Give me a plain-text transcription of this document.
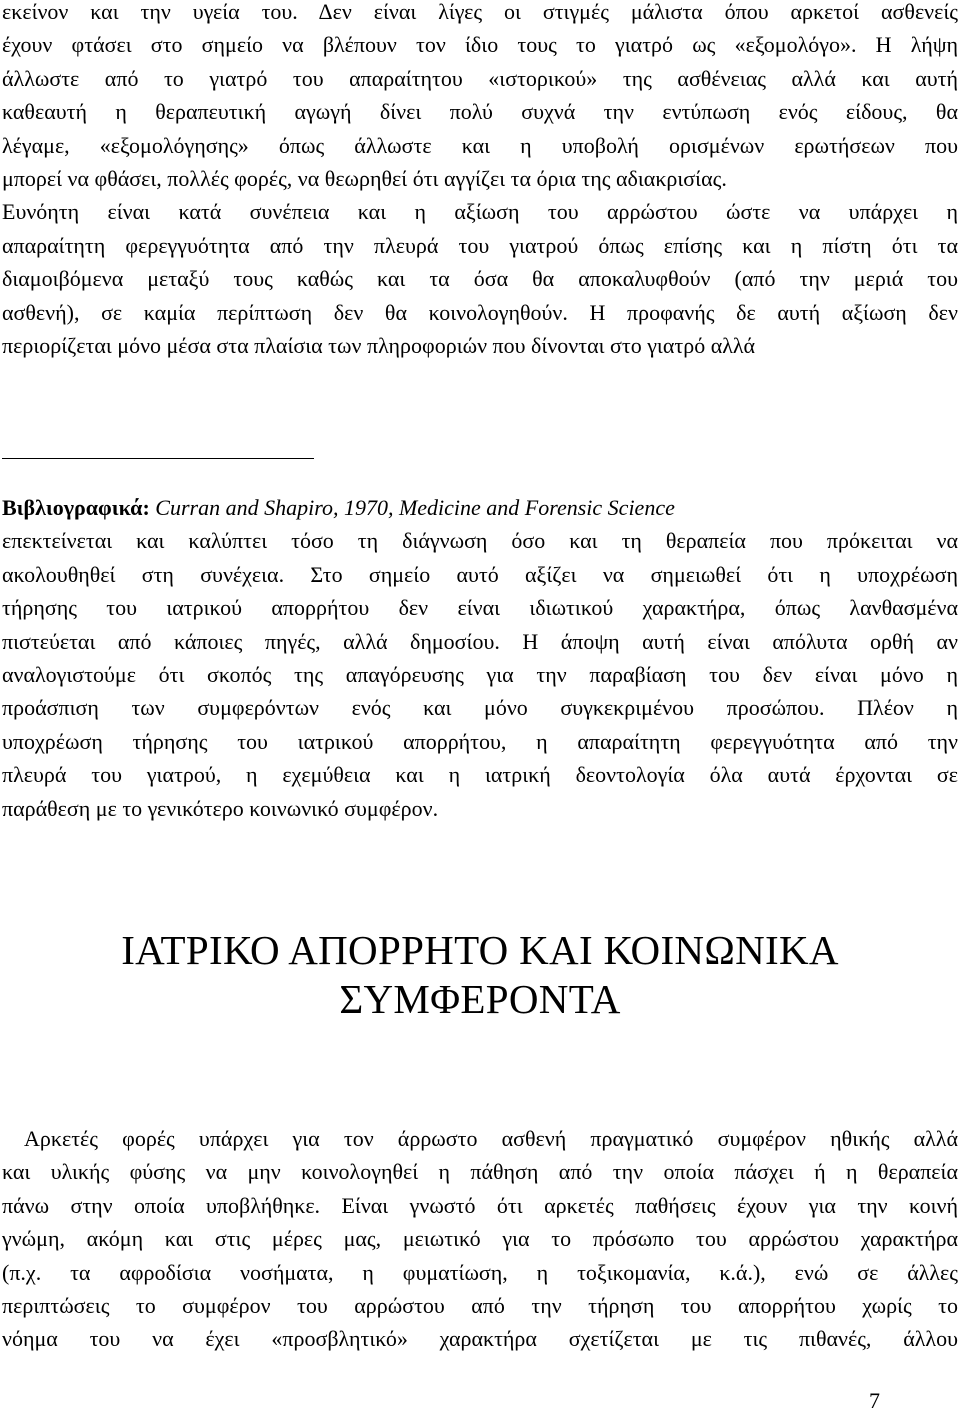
εκείνον και την υγεία του. Δεν είναι λίγες οι στιγμές μάλιστα όπου αρκετοί ασθενείς
έχουν φτάσει στο σημείο να βλέπουν τον ίδιο τους το γιατρό ως «εξομολόγο». Η λήψη
άλλωστε από το γιατρό του απαραίτητου «ιστορικού» της ασθένειας αλλά και αυτή
καθεαυτή η θεραπευτική αγωγή δίνει πολύ συχνά την εντύπωση ενός είδους, θα
λέγαμε, «εξομολόγησης» όπως άλλωστε και η υποβολή ορισμένων ερωτήσεων που
μπορεί να φθάσει, πολλές φορές, να θεωρηθεί ότι αγγίζει τα όρια της αδιακρισίας.
Ευνόητη είναι κατά συνέπεια και η αξίωση του αρρώστου ώστε να υπάρχει η
απαραίτητη φερεγγυότητα από την πλευρά του γιατρού όπως επίσης και η πίστη ότι τα
διαμοιβόμενα μεταξύ τους καθώς και τα όσα θα αποκαλυφθούν (από την μεριά του
ασθενή), σε καμία περίπτωση δεν θα κοινολογηθούν. Η προφανής δε αυτή αξίωση δεν
περιορίζεται μόνο μέσα στα πλαίσια των πληροφοριών που δίνονται στο γιατρό αλλά
Βιβλιογραφικά: Curran and Shapiro, 1970, Medicine and Forensic Science
επεκτείνεται και καλύπτει τόσο τη διάγνωση όσο και τη θεραπεία που πρόκειται να
ακολουθηθεί στη συνέχεια. Στο σημείο αυτό αξίζει να σημειωθεί ότι η υποχρέωση
τήρησης του ιατρικού απορρήτου δεν είναι ιδιωτικού χαρακτήρα, όπως λανθασμένα
πιστεύεται από κάποιες πηγές, αλλά δημοσίου. Η άποψη αυτή είναι απόλυτα ορθή αν
αναλογιστούμε ότι σκοπός της απαγόρευσης για την παραβίαση του δεν είναι μόνο η
προάσπιση των συμφερόντων ενός και μόνο συγκεκριμένου προσώπου. Πλέον η
υποχρέωση τήρησης του ιατρικού απορρήτου, η απαραίτητη φερεγγυότητα από την
πλευρά του γιατρού, η εχεμύθεια και η ιατρική δεοντολογία όλα αυτά έρχονται σε
παράθεση με το γενικότερο κοινωνικό συμφέρον.
ΙΑΤΡΙΚΟ ΑΠΟΡΡΗΤΟ ΚΑΙ ΚΟΙΝΩΝΙΚΑ
ΣΥΜΦΕΡΟΝΤΑ
Αρκετές φορές υπάρχει για τον άρρωστο ασθενή πραγματικό συμφέρον ηθικής αλλά
και υλικής φύσης να μην κοινολογηθεί η πάθηση από την οποία πάσχει ή η θεραπεία
πάνω στην οποία υποβλήθηκε. Είναι γνωστό ότι αρκετές παθήσεις έχουν για την κοινή
γνώμη, ακόμη και στις μέρες μας, μειωτικό για το πρόσωπο του αρρώστου χαρακτήρα
(π.χ. τα αφροδίσια νοσήματα, η φυματίωση, η τοξικομανία, κ.ά.), ενώ σε άλλες
περιπτώσεις το συμφέρον του αρρώστου από την τήρηση του απορρήτου χωρίς το
νόημα του να έχει «προσβλητικό» χαρακτήρα σχετίζεται με τις πιθανές, άλλου
7
